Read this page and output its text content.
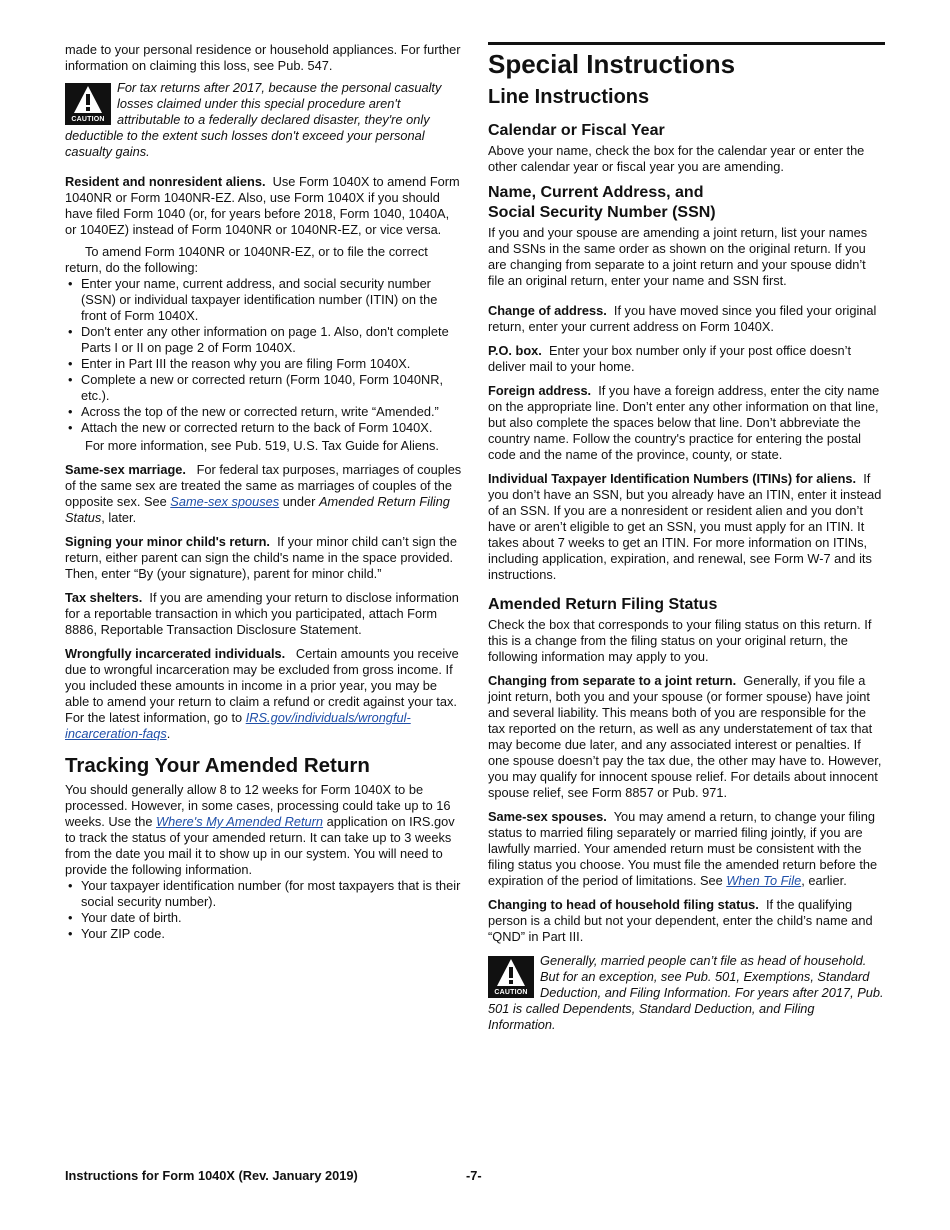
made to your personal residence or household appliances. For further information on claiming this loss, see Pub. 547.

CAUTION
For tax returns after 2017, because the personal casualty losses claimed under this special procedure aren't attributable to a federally declared disaster, they're only deductible to the extent such losses don't exceed your personal casualty gains.

Resident and nonresident aliens. Use Form 1040X to amend Form 1040NR or Form 1040NR-EZ. Also, use Form 1040X if you should have filed Form 1040 (or, for years before 2018, Form 1040, 1040A, or 1040EZ) instead of Form 1040NR or 1040NR-EZ, or vice versa.

To amend Form 1040NR or 1040NR-EZ, or to file the correct return, do the following:

• Enter your name, current address, and social security number (SSN) or individual taxpayer identification number (ITIN) on the front of Form 1040X.
• Don't enter any other information on page 1. Also, don't complete Parts I or II on page 2 of Form 1040X.
• Enter in Part III the reason why you are filing Form 1040X.
• Complete a new or corrected return (Form 1040, Form 1040NR, etc.).
• Across the top of the new or corrected return, write “Amended.”
• Attach the new or corrected return to the back of Form 1040X.

For more information, see Pub. 519, U.S. Tax Guide for Aliens.

Same-sex marriage. For federal tax purposes, marriages of couples of the same sex are treated the same as marriages of couples of the opposite sex. See Same-sex spouses under Amended Return Filing Status, later.

Signing your minor child's return. If your minor child can’t sign the return, either parent can sign the child's name in the space provided. Then, enter “By (your signature), parent for minor child.”

Tax shelters. If you are amending your return to disclose information for a reportable transaction in which you participated, attach Form 8886, Reportable Transaction Disclosure Statement.

Wrongfully incarcerated individuals. Certain amounts you receive due to wrongful incarceration may be excluded from gross income. If you included these amounts in income in a prior year, you may be able to amend your return to claim a refund or credit against your tax. For the latest information, go to IRS.gov/individuals/wrongful-incarceration-faqs.

Tracking Your Amended Return

You should generally allow 8 to 12 weeks for Form 1040X to be processed. However, in some cases, processing could take up to 16 weeks. Use the Where's My Amended Return application on IRS.gov to track the status of your amended return. It can take up to 3 weeks from the date you mail it to show up in our system. You will need to provide the following information.

• Your taxpayer identification number (for most taxpayers that is their social security number).
• Your date of birth.
• Your ZIP code.
Special Instructions
Line Instructions
Calendar or Fiscal Year

Above your name, check the box for the calendar year or enter the other calendar year or fiscal year you are amending.

Name, Current Address, and
Social Security Number (SSN)

If you and your spouse are amending a joint return, list your names and SSNs in the same order as shown on the original return. If you are changing from separate to a joint return and your spouse didn’t file an original return, enter your name and SSN first.

Change of address. If you have moved since you filed your original return, enter your current address on Form 1040X.

P.O. box. Enter your box number only if your post office doesn’t deliver mail to your home.

Foreign address. If you have a foreign address, enter the city name on the appropriate line. Don’t enter any other information on that line, but also complete the spaces below that line. Don’t abbreviate the country name. Follow the country's practice for entering the postal code and the name of the province, county, or state.

Individual Taxpayer Identification Numbers (ITINs) for aliens. If you don’t have an SSN, but you already have an ITIN, enter it instead of an SSN. If you are a nonresident or resident alien and you don’t have or aren’t eligible to get an SSN, you must apply for an ITIN. It takes about 7 weeks to get an ITIN. For more information on ITINs, including application, expiration, and renewal, see Form W-7 and its instructions.

Amended Return Filing Status

Check the box that corresponds to your filing status on this return. If this is a change from the filing status on your original return, the following information may apply to you.

Changing from separate to a joint return. Generally, if you file a joint return, both you and your spouse (or former spouse) have joint and several liability. This means both of you are responsible for the tax reported on the return, as well as any understatement of tax that may become due later, and any associated interest or penalties. If one spouse doesn’t pay the tax due, the other may have to. However, you may qualify for innocent spouse relief. For details about innocent spouse relief, see Form 8857 or Pub. 971.

Same-sex spouses. You may amend a return, to change your filing status to married filing separately or married filing jointly, if you are lawfully married. Your amended return must be consistent with the filing status you choose. You must file the amended return before the expiration of the period of limitations. See When To File, earlier.

Changing to head of household filing status. If the qualifying person is a child but not your dependent, enter the child’s name and “QND” in Part III.

CAUTION
Generally, married people can’t file as head of household. But for an exception, see Pub. 501, Exemptions, Standard Deduction, and Filing Information. For years after 2017, Pub. 501 is called Dependents, Standard Deduction, and Filing Information.
Instructions for Form 1040X (Rev. January 2019)	-7-
